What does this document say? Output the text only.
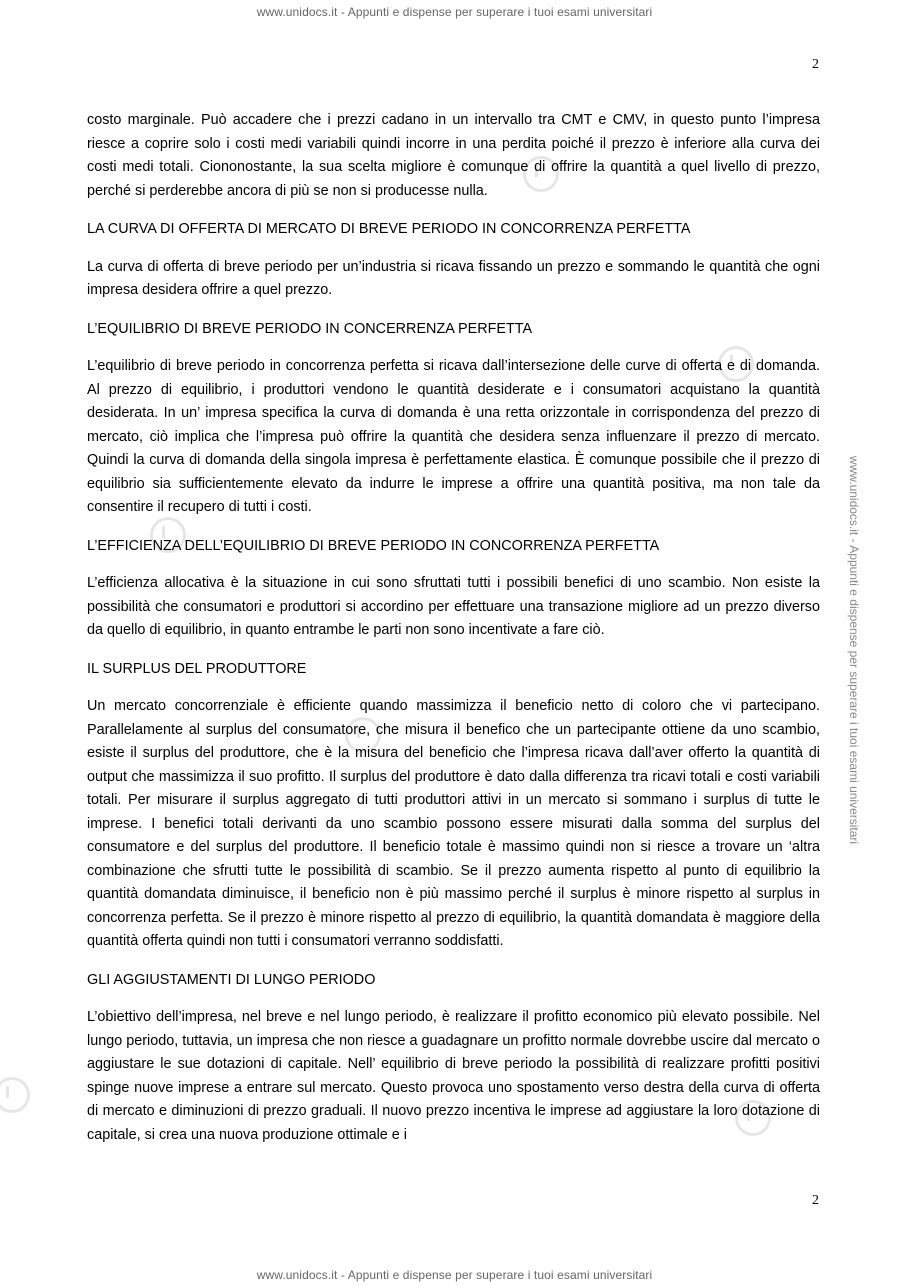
www.unidocs.it - Appunti e dispense per superare i tuoi esami universitari
www.unidocs.it - Appunti e dispense per superare i tuoi esami universitari
2

costo marginale. Può accadere che i prezzi cadano in un intervallo tra CMT e CMV, in questo punto l’impresa riesce a coprire solo i costi medi variabili quindi incorre in una perdita poiché il prezzo è inferiore alla curva dei costi medi totali. Ciononostante, la sua scelta migliore è comunque di offrire la quantità a quel livello di prezzo, perché si perderebbe ancora di più se non si producesse nulla.

LA CURVA DI OFFERTA DI MERCATO DI BREVE PERIODO IN CONCORRENZA PERFETTA

La curva di offerta di breve periodo per un’industria si ricava fissando un prezzo e sommando le quantità che ogni impresa desidera offrire a quel prezzo.

L’EQUILIBRIO DI BREVE PERIODO IN CONCERRENZA PERFETTA

L’equilibrio di breve periodo in concorrenza perfetta si ricava dall’intersezione delle curve di offerta e di domanda. Al prezzo di equilibrio, i produttori vendono le quantità desiderate e i consumatori acquistano la quantità desiderata. In un’ impresa specifica la curva di domanda è una retta orizzontale in corrispondenza del prezzo di mercato, ciò implica che l’impresa può offrire la quantità che desidera senza influenzare il prezzo di mercato. Quindi la curva di domanda della singola impresa è perfettamente elastica. È comunque possibile che il prezzo di equilibrio sia sufficientemente elevato da indurre le imprese a offrire una quantità positiva, ma non tale da consentire il recupero di tutti i costi.

L’EFFICIENZA DELL’EQUILIBRIO DI BREVE PERIODO IN CONCORRENZA PERFETTA

L’efficienza allocativa è la situazione in cui sono sfruttati tutti i possibili benefici di uno scambio. Non esiste la possibilità che consumatori e produttori si accordino per effettuare una transazione migliore ad un prezzo diverso da quello di equilibrio, in quanto entrambe le parti non sono incentivate a fare ciò.

IL SURPLUS DEL PRODUTTORE

Un mercato concorrenziale è efficiente quando massimizza il beneficio netto di coloro che vi partecipano. Parallelamente al surplus del consumatore, che misura il benefico che un partecipante ottiene da uno scambio, esiste il surplus del produttore, che è la misura del beneficio che l’impresa ricava dall’aver offerto la quantità di output che massimizza il suo profitto. Il surplus del produttore è dato dalla differenza tra ricavi totali e costi variabili totali. Per misurare il surplus aggregato di tutti produttori attivi in un mercato si sommano i surplus di tutte le imprese. I benefici totali derivanti da uno scambio possono essere misurati dalla somma del surplus del consumatore e del surplus del produttore. Il beneficio totale è massimo quindi non si riesce a trovare un ‘altra combinazione che sfrutti tutte le possibilità di scambio. Se il prezzo aumenta rispetto al punto di equilibrio la quantità domandata diminuisce, il beneficio non è più massimo perché il surplus è minore rispetto al surplus in concorrenza perfetta. Se il prezzo è minore rispetto al prezzo di equilibrio, la quantità domandata è maggiore della quantità offerta quindi non tutti i consumatori verranno soddisfatti.

GLI AGGIUSTAMENTI DI LUNGO PERIODO

L’obiettivo dell’impresa, nel breve e nel lungo periodo, è realizzare il profitto economico più elevato possibile. Nel lungo periodo, tuttavia, un impresa che non riesce a guadagnare un profitto normale dovrebbe uscire dal mercato o aggiustare le sue dotazioni di capitale. Nell’ equilibrio di breve periodo la possibilità di realizzare profitti positivi spinge nuove imprese a entrare sul mercato. Questo provoca uno spostamento verso destra della curva di offerta di mercato e diminuzioni di prezzo graduali. Il nuovo prezzo incentiva le imprese ad aggiustare la loro dotazione di capitale, si crea una nuova produzione ottimale e i

2
www.unidocs.it - Appunti e dispense per superare i tuoi esami universitari
